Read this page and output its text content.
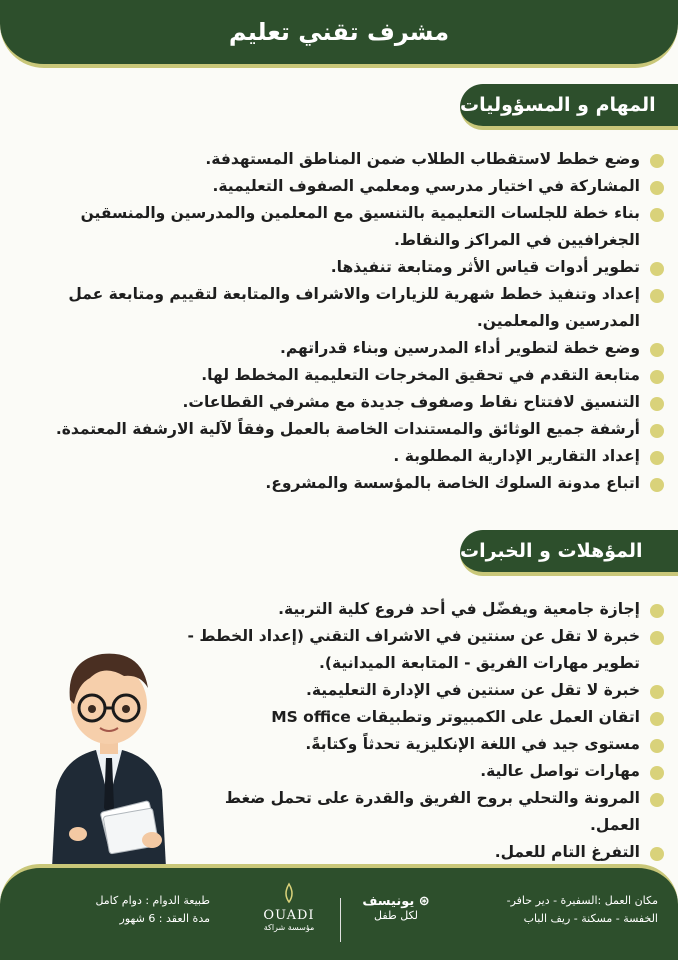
مشرف تقني تعليم
المهام و المسؤوليات
وضع خطط لاستقطاب الطلاب ضمن المناطق المستهدفة.
المشاركة في اختيار مدرسي ومعلمي الصفوف التعليمية.
بناء خطة للجلسات التعليمية بالتنسيق مع المعلمين والمدرسين والمنسقين الجغرافيين في المراكز والنقاط.
تطوير أدوات قياس الأثر ومتابعة تنفيذها.
إعداد وتنفيذ خطط شهرية للزيارات والاشراف والمتابعة لتقييم ومتابعة عمل المدرسين والمعلمين.
وضع خطة لتطوير أداء المدرسين وبناء قدراتهم.
متابعة التقدم في تحقيق المخرجات التعليمية المخطط لها.
التنسيق لافتتاح نقاط وصفوف جديدة مع مشرفي القطاعات.
أرشفة جميع الوثائق والمستندات الخاصة بالعمل وفقاً لآلية الارشفة المعتمدة.
إعداد التقارير الإدارية المطلوبة .
اتباع مدونة السلوك الخاصة بالمؤسسة والمشروع.
المؤهلات و الخبرات
إجازة جامعية ويفضّل في أحد فروع كلية التربية.
خبرة لا تقل عن سنتين في الاشراف التقني (إعداد الخطط - تطوير مهارات الفريق - المتابعة الميدانية).
خبرة لا تقل عن سنتين في الإدارة التعليمية.
اتقان العمل على الكمبيوتر وتطبيقات MS office
مستوى جيد في اللغة الإنكليزية تحدثاً وكتابةً.
مهارات تواصل عالية.
المرونة والتحلي بروح الفريق والقدرة على تحمل ضغط العمل.
التفرغ التام للعمل.
مكان العمل :السفيرة - دير حافر-
الخفسة - مسكنة - ريف الباب
⊛ يونيسف
لكل طفل
OUADI
مؤسسة شراكة
طبيعة الدوام : دوام كامل
مدة العقد : 6 شهور
